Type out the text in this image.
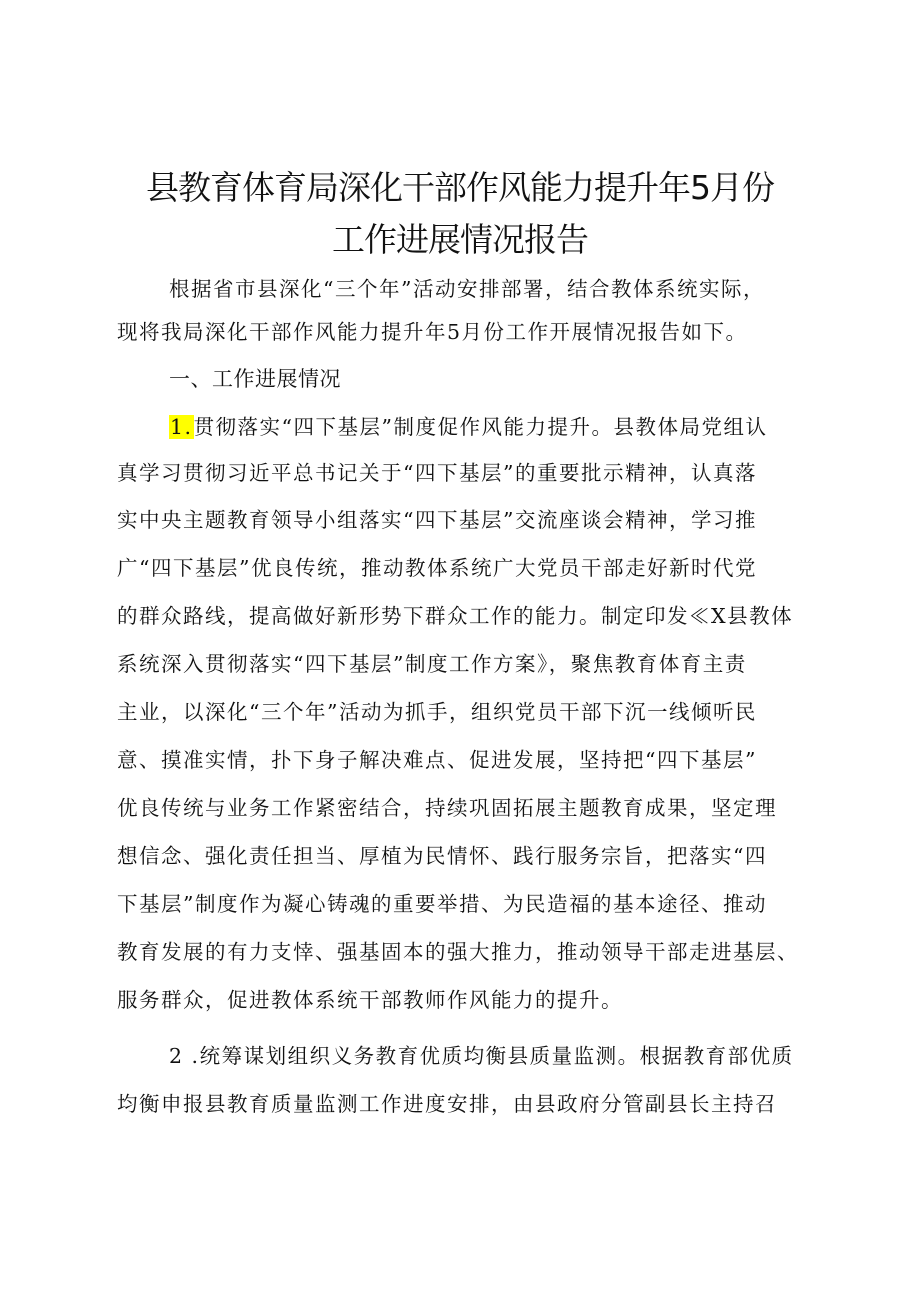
县教育体育局深化干部作风能力提升年5月份
工作进展情况报告
根据省市县深化“三个年”活动安排部署，结合教体系统实际，
现将我局深化干部作风能力提升年5月份工作开展情况报告如下。
一、工作进展情况
1.贯彻落实“四下基层”制度促作风能力提升。县教体局党组认
真学习贯彻习近平总书记关于“四下基层”的重要批示精神，认真落
实中央主题教育领导小组落实“四下基层”交流座谈会精神，学习推
广“四下基层”优良传统，推动教体系统广大党员干部走好新时代党
的群众路线，提高做好新形势下群众工作的能力。制定印发≪X县教体
系统深入贯彻落实“四下基层”制度工作方案》，聚焦教育体育主责
主业，以深化“三个年”活动为抓手，组织党员干部下沉一线倾听民
意、摸准实情，扑下身子解决难点、促进发展，坚持把“四下基层”
优良传统与业务工作紧密结合，持续巩固拓展主题教育成果，坚定理
想信念、强化责任担当、厚植为民情怀、践行服务宗旨，把落实“四
下基层”制度作为凝心铸魂的重要举措、为民造福的基本途径、推动
教育发展的有力支悻、强基固本的强大推力，推动领导干部走进基层、
服务群众，促进教体系统干部教师作风能力的提升。
2 .统筹谋划组织义务教育优质均衡县质量监测。根据教育部优质
均衡申报县教育质量监测工作进度安排，由县政府分管副县长主持召
